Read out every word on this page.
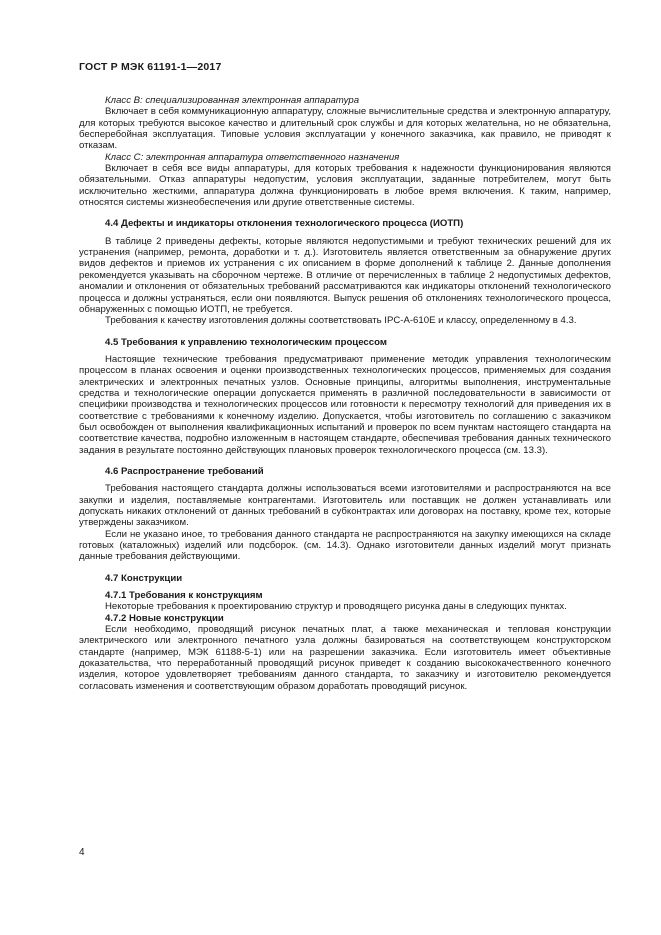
ГОСТ Р МЭК 61191-1—2017

Класс B: специализированная электронная аппаратура

Включает в себя коммуникационную аппаратуру, сложные вычислительные средства и электронную аппаратуру, для которых требуются высокое качество и длительный срок службы и для которых желательна, но не обязательна, бесперебойная эксплуатация. Типовые условия эксплуатации у конечного заказчика, как правило, не приводят к отказам.

Класс C: электронная аппаратура ответственного назначения

Включает в себя все виды аппаратуры, для которых требования к надежности функционирования являются обязательными. Отказ аппаратуры недопустим, условия эксплуатации, заданные потребителем, могут быть исключительно жесткими, аппаратура должна функционировать в любое время включения. К таким, например, относятся системы жизнеобеспечения или другие ответственные системы.

4.4 Дефекты и индикаторы отклонения технологического процесса (ИОТП)

В таблице 2 приведены дефекты, которые являются недопустимыми и требуют технических решений для их устранения (например, ремонта, доработки и т. д.). Изготовитель является ответственным за обнаружение других видов дефектов и приемов их устранения с их описанием в форме дополнений к таблице 2. Данные дополнения рекомендуется указывать на сборочном чертеже. В отличие от перечисленных в таблице 2 недопустимых дефектов, аномалии и отклонения от обязательных требований рассматриваются как индикаторы отклонений технологического процесса и должны устраняться, если они появляются. Выпуск решения об отклонениях технологического процесса, обнаруженных с помощью ИОТП, не требуется.

Требования к качеству изготовления должны соответствовать IPC-A-610E и классу, определенному в 4.3.

4.5 Требования к управлению технологическим процессом

Настоящие технические требования предусматривают применение методик управления технологическим процессом в планах освоения и оценки производственных технологических процессов, применяемых для создания электрических и электронных печатных узлов. Основные принципы, алгоритмы выполнения, инструментальные средства и технологические операции допускается применять в различной последовательности в зависимости от специфики производства и технологических процессов или готовности к пересмотру технологий для приведения их в соответствие с требованиями к конечному изделию. Допускается, чтобы изготовитель по соглашению с заказчиком был освобожден от выполнения квалификационных испытаний и проверок по всем пунктам настоящего стандарта на соответствие качества, подробно изложенным в настоящем стандарте, обеспечивая требования данных технического задания в результате постоянно действующих плановых проверок технологического процесса (см. 13.3).

4.6 Распространение требований

Требования настоящего стандарта должны использоваться всеми изготовителями и распространяются на все закупки и изделия, поставляемые контрагентами. Изготовитель или поставщик не должен устанавливать или допускать никаких отклонений от данных требований в субконтрактах или договорах на поставку, кроме тех, которые утверждены заказчиком.

Если не указано иное, то требования данного стандарта не распространяются на закупку имеющихся на складе готовых (каталожных) изделий или подсборок. (см. 14.3). Однако изготовители данных изделий могут признать данные требования действующими.

4.7 Конструкции
4.7.1 Требования к конструкциям

Некоторые требования к проектированию структур и проводящего рисунка даны в следующих пунктах.

4.7.2 Новые конструкции

Если необходимо, проводящий рисунок печатных плат, а также механическая и тепловая конструкции электрического или электронного печатного узла должны базироваться на соответствующем конструкторском стандарте (например, МЭК 61188-5-1) или на разрешении заказчика. Если изготовитель имеет объективные доказательства, что переработанный проводящий рисунок приведет к созданию высококачественного конечного изделия, которое удовлетворяет требованиям данного стандарта, то заказчику и изготовителю рекомендуется согласовать изменения и соответствующим образом доработать проводящий рисунок.

4
